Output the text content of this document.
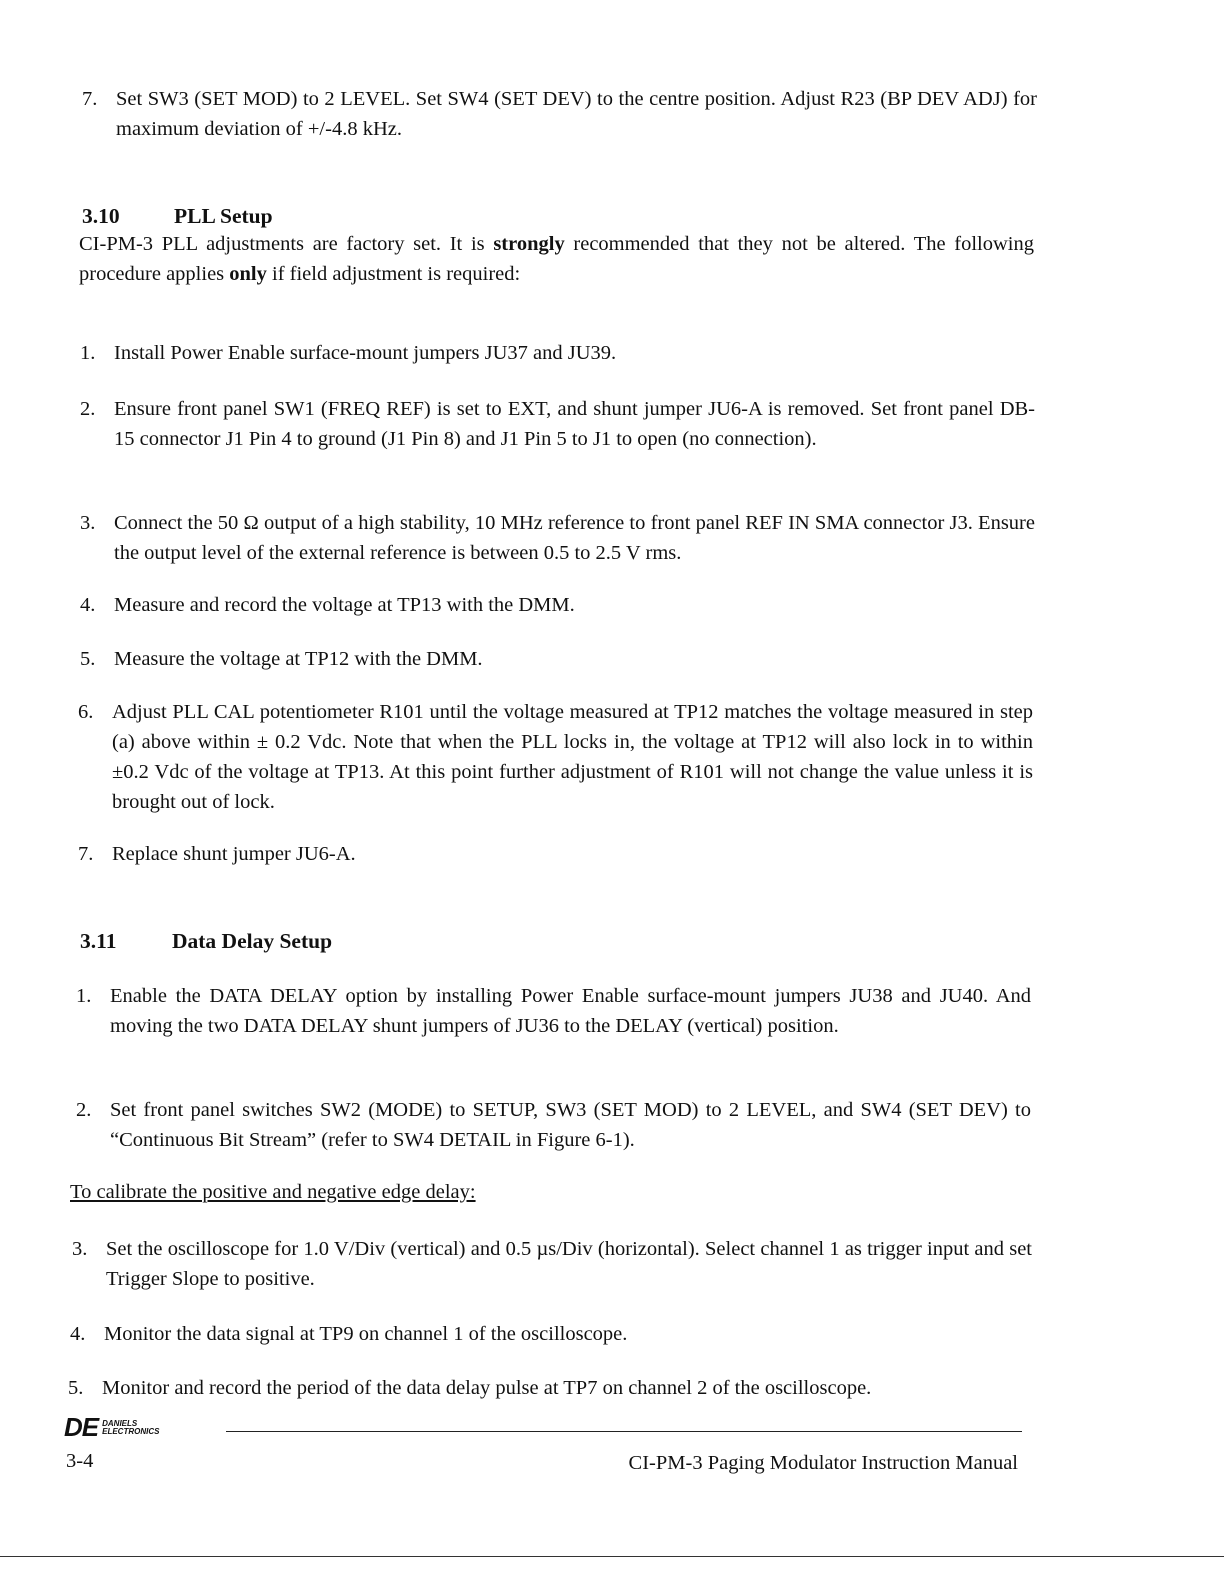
7. Set SW3 (SET MOD) to 2 LEVEL. Set SW4 (SET DEV) to the centre position. Adjust R23 (BP DEV ADJ) for maximum deviation of +/-4.8 kHz.
3.10	PLL Setup
CI-PM-3 PLL adjustments are factory set. It is strongly recommended that they not be altered. The following procedure applies only if field adjustment is required:
1. Install Power Enable surface-mount jumpers JU37 and JU39.
2. Ensure front panel SW1 (FREQ REF) is set to EXT, and shunt jumper JU6-A is removed. Set front panel DB-15 connector J1 Pin 4 to ground (J1 Pin 8) and J1 Pin 5 to J1 to open (no connection).
3. Connect the 50 Ω output of a high stability, 10 MHz reference to front panel REF IN SMA connector J3. Ensure the output level of the external reference is between 0.5 to 2.5 V rms.
4. Measure and record the voltage at TP13 with the DMM.
5. Measure the voltage at TP12 with the DMM.
6. Adjust PLL CAL potentiometer R101 until the voltage measured at TP12 matches the voltage measured in step (a) above within ± 0.2 Vdc. Note that when the PLL locks in, the voltage at TP12 will also lock in to within ±0.2 Vdc of the voltage at TP13. At this point further adjustment of R101 will not change the value unless it is brought out of lock.
7. Replace shunt jumper JU6-A.
3.11	Data Delay Setup
1. Enable the DATA DELAY option by installing Power Enable surface-mount jumpers JU38 and JU40. And moving the two DATA DELAY shunt jumpers of JU36 to the DELAY (vertical) position.
2. Set front panel switches SW2 (MODE) to SETUP, SW3 (SET MOD) to 2 LEVEL, and SW4 (SET DEV) to “Continuous Bit Stream” (refer to SW4 DETAIL in Figure 6-1).
To calibrate the positive and negative edge delay:
3. Set the oscilloscope for 1.0 V/Div (vertical) and 0.5 µs/Div (horizontal). Select channel 1 as trigger input and set Trigger Slope to positive.
4. Monitor the data signal at TP9 on channel 1 of the oscilloscope.
5. Monitor and record the period of the data delay pulse at TP7 on channel 2 of the oscilloscope.
DE DANIELS
ELECTRONICS
3-4	CI-PM-3 Paging Modulator Instruction Manual
